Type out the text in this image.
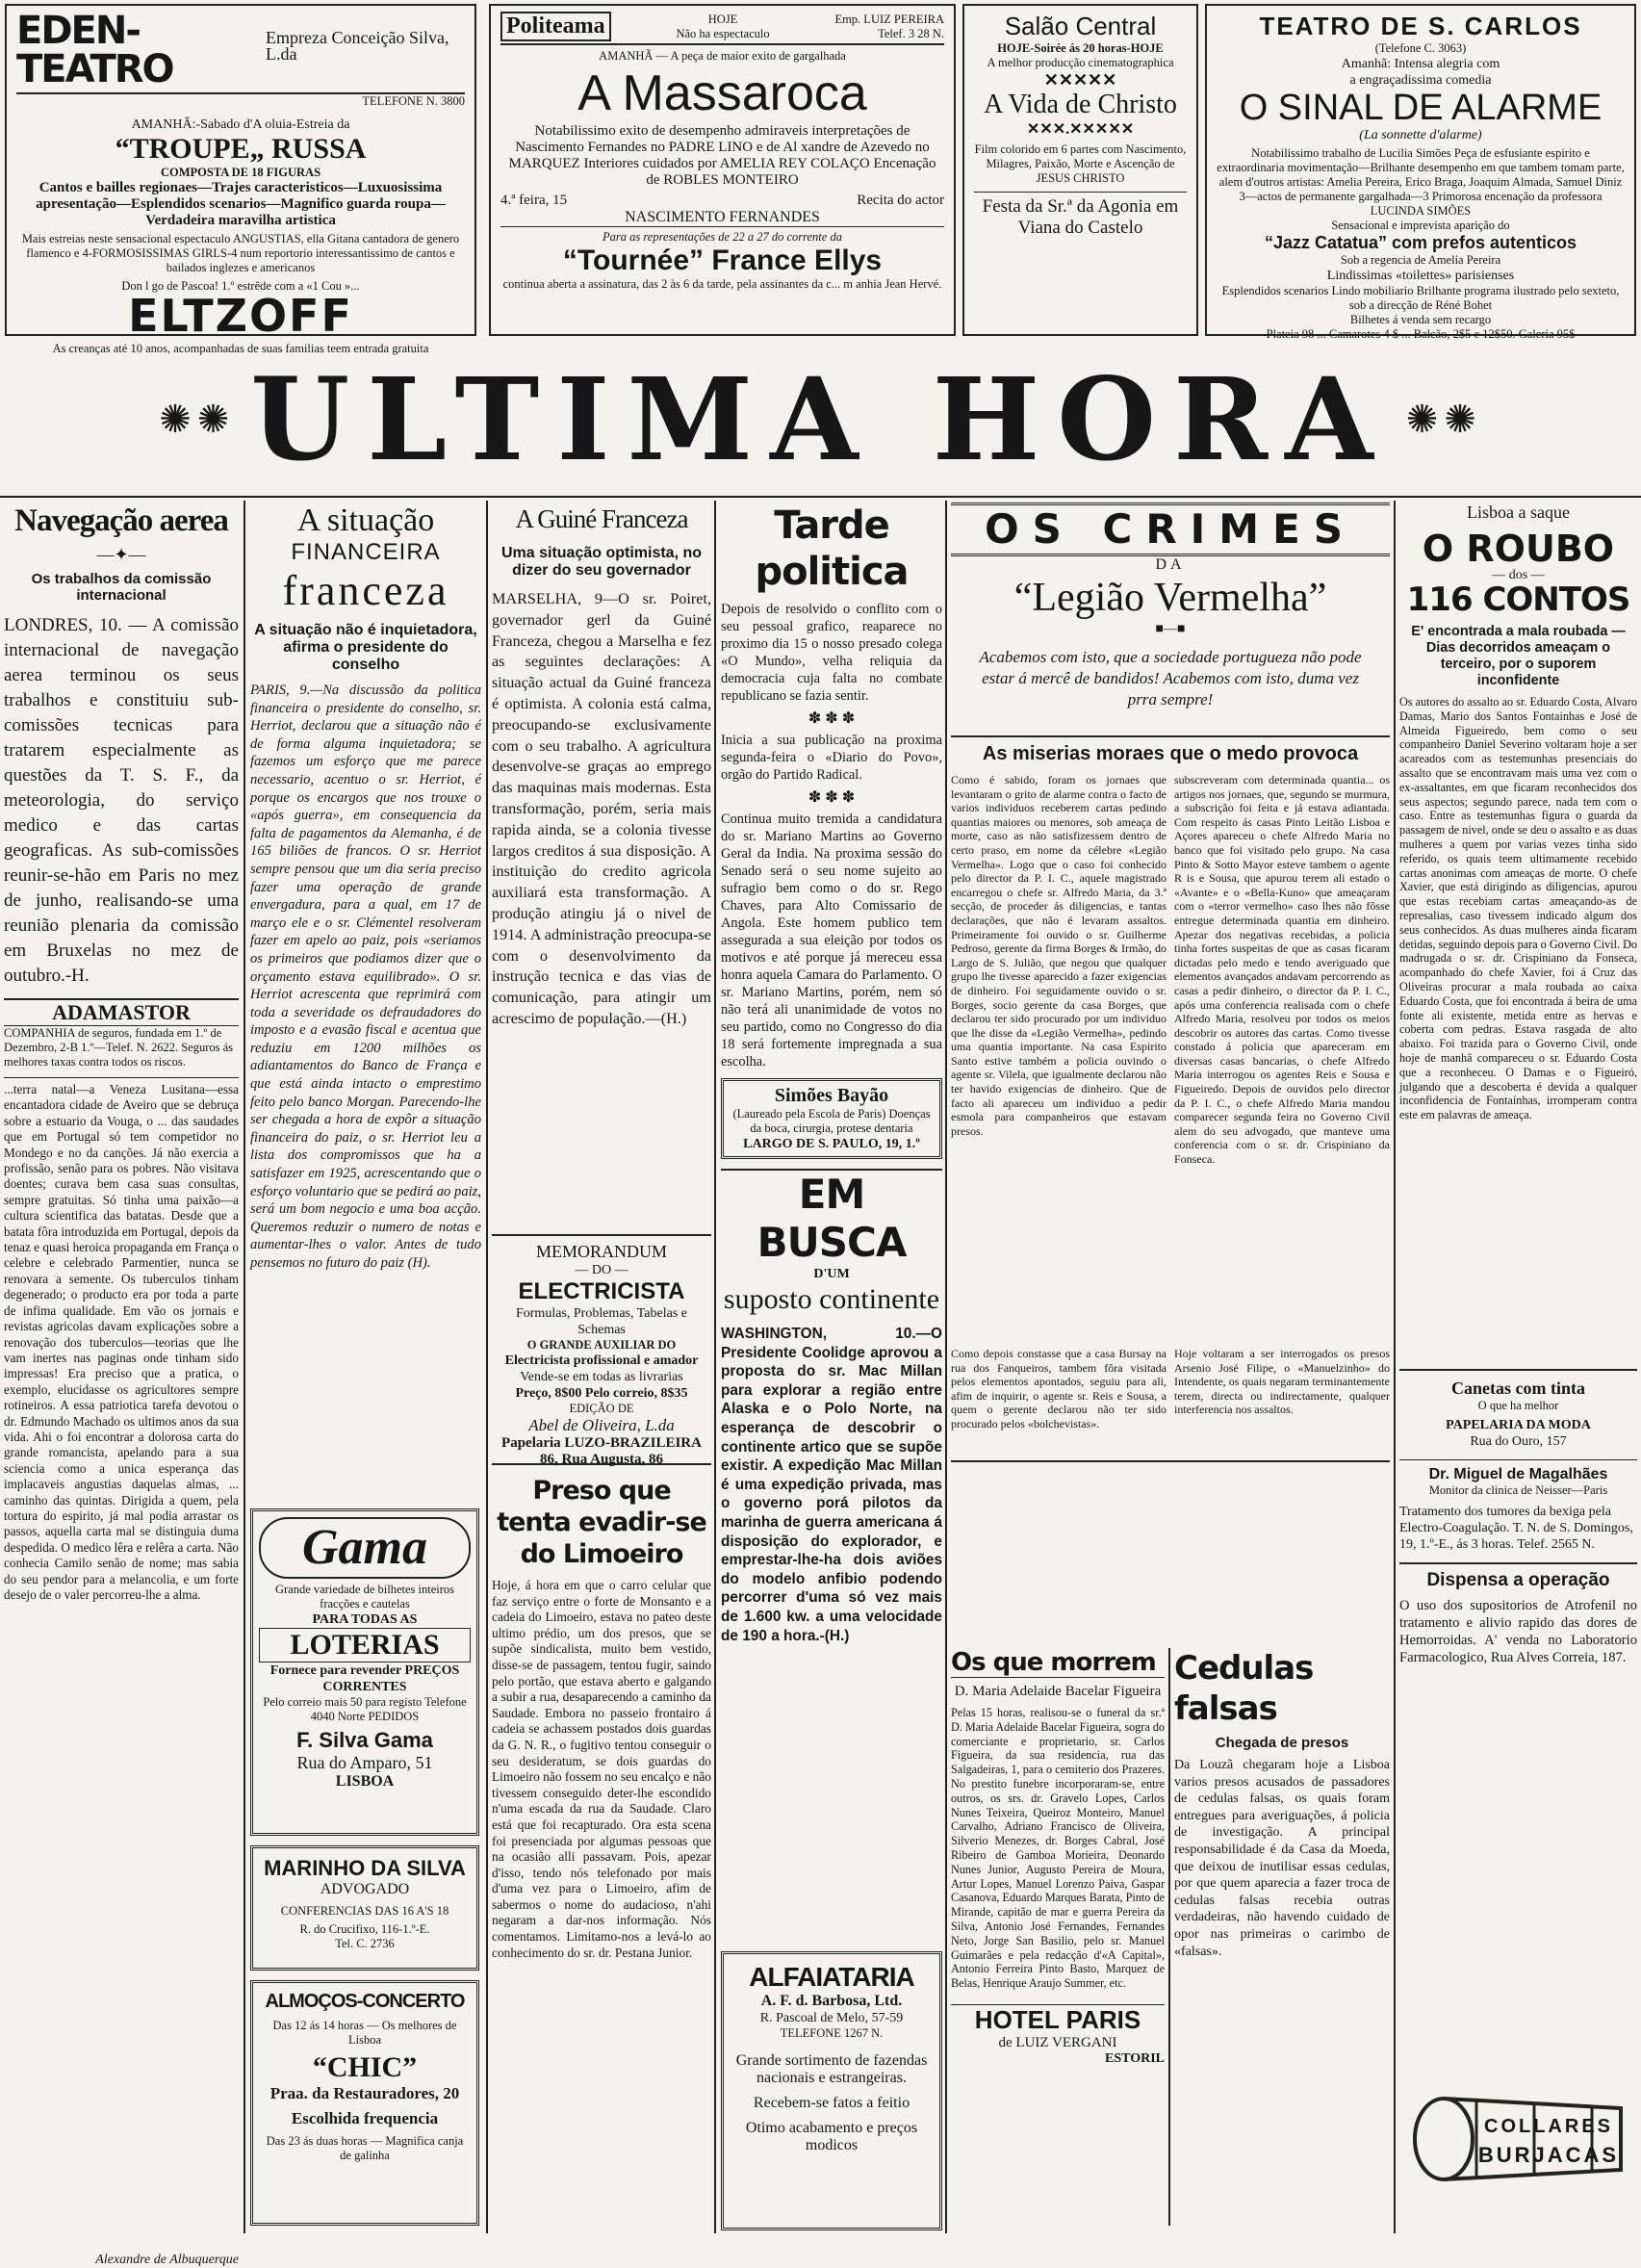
EDEN-TEATRO
Empreza Conceição Silva, L.da
TELEFONE N. 3800
AMANHÃ:-Sabado d'A oluia-Estreia da
“TROUPE„ RUSSA
COMPOSTA DE 18 FIGURAS
Cantos e bailles regionaes—Trajes caracteristicos—Luxuosissima apresentação—Esplendidos scenarios—Magnifico guarda roupa—Verdadeira maravilha artistica
Mais estreias neste sensacional espectaculo ANGUSTIAS, ella Gitana cantadora de genero flamenco e 4-FORMOSISSIMAS GIRLS-4 num reportorio interessantissimo de cantos e bailados inglezes e americanos
Don l go de Pascoa! 1.º estrêde com a «1 Cou »...
ELTZOFF
As creanças até 10 anos, acompanhadas de suas familias teem entrada gratuita
Politeama	HOJE
Não ha espectaculo
Emp. LUIZ PEREIRA
Telef. 3 28 N.
AMANHÃ — A peça de maior exito de gargalhada
A Massaroca
Notabilissimo exito de desempenho admiraveis interpretações de Nascimento Fernandes no PADRE LINO e de Al xandre de Azevedo no MARQUEZ Interiores cuidados por AMELIA REY COLAÇO Encenação de ROBLES MONTEIRO
4.ª feira, 15	Recita do actor
NASCIMENTO FERNANDES
Para as representações de 22 a 27 do corrente da
“Tournée” France Ellys
continua aberta a assinatura, das 2 às 6 da tarde, pela assinantes da c... m anhia Jean Hervé.
Salão Central
HOJE-Soirée ás 20 horas-HOJE
A melhor producção cinematographica
✕✕✕✕✕
A Vida de Christo
✕✕✕.✕✕✕✕✕
Film colorido em 6 partes com Nascimento, Milagres, Paixão, Morte e Ascenção de JESUS CHRISTO
Festa da Sr.ª da Agonia em Viana do Castelo
TEATRO DE S. CARLOS
(Telefone C. 3063)
Amanhã: Intensa alegria com
a engraçadissima comedia
O SINAL DE ALARME
(La sonnette d'alarme)
Notabilissimo trabalho de Lucilia Simões Peça de esfusiante espirito e extraordinaria movimentação—Brilhante desempenho em que tambem tomam parte, alem d'outros artistas: Amelia Pereira, Erico Braga, Joaquim Almada, Samuel Diniz 3—actos de permanente gargalhada—3 Primorosa encenação da professora LUCINDA SIMÕES
Sensacional e imprevista aparição do
“Jazz Catatua” com prefos autenticos
Sob a regencia de Amelia Pereira
Lindissimas «toilettes» parisienses
Esplendidos scenarios Lindo mobiliario Brilhante programa ilustrado pelo sexteto, sob a direcção de Réné Bohet
Bilhetes á venda sem recargo
Plateia 98 ... Camarotes 4 $ ... Balcão, 2$5 e 12$50. Galeria 95$
✺✺ ULTIMA HORA ✺✺
Navegação aerea
—✦—
Os trabalhos da comissão internacional
LONDRES, 10. — A comissão internacional de navegação aerea terminou os seus trabalhos e constituiu sub-comissões tecnicas para tratarem especialmente as questões da T. S. F., da meteorologia, do serviço medico e das cartas geograficas. As sub-comissões reunir-se-hão em Paris no mez de junho, realisando-se uma reunião plenaria da comissão em Bruxelas no mez de outubro.-H.
ADAMASTOR
COMPANHIA de seguros, fundada em 1.º de Dezembro, 2-B 1.º—Telef. N. 2622. Seguros ás melhores taxas contra todos os riscos.
...terra natal—a Veneza Lusitana—essa encantadora cidade de Aveiro que se debruça sobre a estuario da Vouga, o ... das saudades que em Portugal só tem competidor no Mondego e no da canções. Já não exercia a profissão, senão para os pobres. Não visitava doentes; curava bem casa suas consultas, sempre gratuitas. Só tinha uma paixão—a cultura scientifica das batatas. Desde que a batata fôra introduzida em Portugal, depois da tenaz e quasi heroica propaganda em França o celebre e celebrado Parmentier, nunca se renovara a semente. Os tuberculos tinham degenerado; o producto era por toda a parte de infima qualidade. Em vão os jornais e revistas agricolas davam explicações sobre a renovação dos tuberculos—teorias que lhe vam inertes nas paginas onde tinham sido impressas! Era preciso que a pratica, o exemplo, elucidasse os agricultores sempre rotineiros. A essa patriotica tarefa devotou o dr. Edmundo Machado os ultimos anos da sua vida. Ahi o foi encontrar a dolorosa carta do grande romancista, apelando para a sua sciencia como a unica esperança das implacaveis angustias daquelas almas, ... caminho das quintas. Dirigida a quem, pela tortura do espirito, já mal podia arrastar os passos, aquella carta mal se distinguia duma despedida. O medico lêra e relêra a carta. Não conhecia Camilo senão de nome; mas sabia do seu pendor para a melancolia, e um forte desejo de o valer percorreu-lhe a alma.
Alexandre de Albuquerque
A situação
FINANCEIRA
franceza
A situação não é inquietadora, afirma o presidente do conselho
PARIS, 9.—Na discussão da politica financeira o presidente do conselho, sr. Herriot, declarou que a situação não é de forma alguma inquietadora; se fazemos um esforço que me parece necessario, acentuo o sr. Herriot, é porque os encargos que nos trouxe o «após guerra», em consequencia da falta de pagamentos da Alemanha, é de 165 biliões de francos. O sr. Herriot sempre pensou que um dia seria preciso fazer uma operação de grande envergadura, para a qual, em 17 de março ele e o sr. Clémentel resolveram fazer em apelo ao paiz, pois «seriamos os primeiros que podiamos dizer que o orçamento estava equilibrado». O sr. Herriot acrescenta que reprimirá com toda a severidade os defraudadores do imposto e a evasão fiscal e acentua que reduziu em 1200 milhões os adiantamentos do Banco de França e que está ainda intacto o emprestimo feito pelo banco Morgan. Parecendo-lhe ser chegada a hora de expôr a situação financeira do paiz, o sr. Herriot leu a lista dos compromissos que ha a satisfazer em 1925, acrescentando que o esforço voluntario que se pedirá ao paiz, será um bom negocio e uma boa acção. Queremos reduzir o numero de notas e aumentar-lhes o valor. Antes de tudo pensemos no futuro do paiz (H).
Gama
Grande variedade de bilhetes inteiros fracções e cautelas
PARA TODAS AS
LOTERIAS
Fornece para revender PREÇOS CORRENTES
Pelo correio mais 50 para registo Telefone 4040 Norte PEDIDOS
F. Silva Gama
Rua do Amparo, 51
LISBOA
MARINHO DA SILVA
ADVOGADO
CONFERENCIAS DAS 16 A'S 18
R. do Crucifixo, 116-1.º-E.
Tel. C. 2736
ALMOÇOS-CONCERTO
Das 12 ás 14 horas — Os melhores de Lisboa
“CHIC”
Praa. da Restauradores, 20
Escolhida frequencia
Das 23 ás duas horas — Magnifica canja de galinha
A Guiné Franceza
Uma situação optimista, no dizer do seu governador
MARSELHA, 9—O sr. Poiret, governador gerl da Guiné Franceza, chegou a Marselha e fez as seguintes declarações: A situação actual da Guiné franceza é optimista. A colonia está calma, preocupando-se exclusivamente com o seu trabalho. A agricultura desenvolve-se graças ao emprego das maquinas mais modernas. Esta transformação, porém, seria mais rapida ainda, se a colonia tivesse largos creditos á sua disposição. A instituição do credito agricola auxiliará esta transformação. A produção atingiu já o nivel de 1914. A administração preocupa-se com o desenvolvimento da instrução tecnica e das vias de comunicação, para atingir um acrescimo de população.—(H.)
MEMORANDUM
— DO —
ELECTRICISTA
Formulas, Problemas, Tabelas e Schemas
O GRANDE AUXILIAR DO
Electricista profissional e amador
Vende-se em todas as livrarias
Preço, 8$00 Pelo correio, 8$35
EDIÇÃO DE
Abel de Oliveira, L.da
Papelaria LUZO-BRAZILEIRA
86, Rua Augusta, 86
Preso que tenta evadir-se do Limoeiro
Hoje, á hora em que o carro celular que faz serviço entre o forte de Monsanto e a cadeia do Limoeiro, estava no pateo deste ultimo prédio, um dos presos, que se supõe sindicalista, muito bem vestido, disse-se de passagem, tentou fugir, saindo pelo portão, que estava aberto e galgando a subir a rua, desaparecendo a caminho da Saudade. Embora no passeio frontairo á cadeia se achassem postados dois guardas da G. N. R., o fugitivo tentou conseguir o seu desideratum, se dois guardas do Limoeiro não fossem no seu encalço e não tivessem conseguido deter-lhe escondido n'uma escada da rua da Saudade. Claro está que foi recapturado. Ora esta scena foi presenciada por algumas pessoas que na ocasião alli passavam. Pois, apezar d'isso, tendo nós telefonado por mais d'uma vez para o Limoeiro, afim de sabermos o nome do audacioso, n'ahi negaram a dar-nos informação. Nós comentamos. Limitamo-nos a levá-lo ao conhecimento do sr. dr. Pestana Junior.
Tarde politica
Depois de resolvido o conflito com o seu pessoal grafico, reaparece no proximo dia 15 o nosso presado colega «O Mundo», velha reliquia da democracia cuja falta no combate republicano se fazia sentir.
✽ ✽ ✽
Inicia a sua publicação na proxima segunda-feira o «Diario do Povo», orgão do Partido Radical.
✽ ✽ ✽
Continua muito tremida a candidatura do sr. Mariano Martins ao Governo Geral da India. Na proxima sessão do Senado será o seu nome sujeito ao sufragio bem como o do sr. Rego Chaves, para Alto Comissario de Angola. Este homem publico tem assegurada a sua eleição por todos os motivos e até porque já mereceu essa honra aquela Camara do Parlamento. O sr. Mariano Martins, porém, nem só não terá ali unanimidade de votos no seu partido, como no Congresso do dia 18 será fortemente impregnada a sua escolha.
Simões Bayão
(Laureado pela Escola de Paris) Doenças da boca, cirurgia, protese dentaria
LARGO DE S. PAULO, 19, 1.º
EM BUSCA
D'UM
suposto continente
WASHINGTON, 10.—O Presidente Coolidge aprovou a proposta do sr. Mac Millan para explorar a região entre Alaska e o Polo Norte, na esperança de descobrir o continente artico que se supõe existir. A expedição Mac Millan é uma expedição privada, mas o governo porá pilotos da marinha de guerra americana á disposição do explorador, e emprestar-lhe-ha dois aviões do modelo anfibio podendo percorrer d'uma só vez mais de 1.600 kw. a uma velocidade de 190 a hora.-(H.)
ALFAIATARIA
A. F. d. Barbosa, Ltd.
R. Pascoal de Melo, 57-59
TELEFONE 1267 N.
Grande sortimento de fazendas nacionais e estrangeiras.
Recebem-se fatos a feitio
Otimo acabamento e preços modicos
OS CRIMES
DA
“Legião Vermelha”
■—■
Acabemos com isto, que a sociedade portugueza não pode estar á mercê de bandidos! Acabemos com isto, duma vez prra sempre!
As miserias moraes que o medo provoca
Como é sabido, foram os jornaes que levantaram o grito de alarme contra o facto de varios individuos receberem cartas pedindo quantias maiores ou menores, sob ameaça de morte, caso as não satisfizessem dentro de certo praso, em nome da célebre «Legião Vermelha». Logo que o caso foi conhecido pelo director da P. I. C., aquele magistrado encarregou o chefe sr. Alfredo Maria, da 3.ª secção, de proceder ás diligencias, e tantas declarações, que não é levaram assaltos. Primeiramente foi ouvido o sr. Guilherme Pedroso, gerente da firma Borges & Irmão, do Largo de S. Julião, que negou que qualquer grupo lhe tivesse aparecido a fazer exigencias de dinheiro. Foi seguidamente ouvido o sr. Borges, socio gerente da casa Borges, que declarou ter sido procurado por um individuo que lhe disse da «Legião Vermelha», pedindo uma quantia importante. Na casa Espirito Santo estive também a policia ouvindo o agente sr. Vilela, que igualmente declarou não ter havido exigencias de dinheiro. Que de facto ali apareceu um individuo a pedir esmola para companheiros que estavam presos.
subscreveram com determinada quantia... os artigos nos jornaes, que, segundo se murmura, a subscrição foi feita e já estava adiantada. Com respeito ás casas Pinto Leitão Lisboa e Açores apareceu o chefe Alfredo Maria no banco que foi visitado pelo grupo. Na casa Pinto & Sotto Mayor esteve tambem o agente R is e Sousa, que apurou terem ali estado o «Avante» e o «Bella-Kuno» que ameaçaram com o «terror vermelho» caso lhes não fôsse entregue determinada quantia em dinheiro. Apezar dos negativas recebidas, a policia tinha fortes suspeitas de que as casas ficaram dictadas pelo medo e tendo averiguado que elementos avançados andavam percorrendo as casas a pedir dinheiro, o director da P. I. C., após uma conferencia realisada com o chefe Alfredo Maria, resolveu por todos os meios descobrir os autores das cartas. Como tivesse constado á policia que apareceram em diversas casas bancarias, o chefe Alfredo Maria interrogou os agentes Reis e Sousa e Figueiredo. Depois de ouvidos pelo director da P. I. C., o chefe Alfredo Maria mandou comparecer segunda feira no Governo Civil alem do seu advogado, que manteve uma conferencia com o sr. dr. Crispiniano da Fonseca.
Como depois constasse que a casa Bursay na rua dos Fanqueiros, tambem fôra visitada pelos elementos apontados, seguiu para ali, afim de inquirir, o agente sr. Reis e Sousa, a quem o gerente declarou não ter sido procurado pelos «bolchevistas».
Hoje voltaram a ser interrogados os presos Arsenio José Filipe, o «Manuelzinho» do Intendente, os quais negaram terminantemente terem, directa ou indirectamente, qualquer interferencia nos assaltos.
Os que morrem
D. Maria Adelaide Bacelar Figueira
Pelas 15 horas, realisou-se o funeral da sr.ª D. Maria Adelaide Bacelar Figueira, sogra do comerciante e proprietario, sr. Carlos Figueira, da sua residencia, rua das Salgadeiras, 1, para o cemiterio dos Prazeres. No prestito funebre incorporaram-se, entre outros, os srs. dr. Gravelo Lopes, Carlos Nunes Teixeira, Queiroz Monteiro, Manuel Carvalho, Adriano Francisco de Oliveira, Silverio Menezes, dr. Borges Cabral, José Ribeiro de Gamboa Morieira, Deonardo Nunes Junior, Augusto Pereira de Moura, Artur Lopes, Manuel Lorenzo Paiva, Gaspar Casanova, Eduardo Marques Barata, Pinto de Mirande, capitão de mar e guerra Pereira da Silva, Antonio José Fernandes, Fernandes Neto, Jorge San Basilio, pelo sr. Manuel Guimarães e pela redacção d'«A Capital», Antonio Ferreira Pinto Basto, Marquez de Belas, Henrique Araujo Summer, etc.
HOTEL PARIS
de LUIZ VERGANI
ESTORIL
Cedulas falsas
Chegada de presos
Da Louzã chegaram hoje a Lisboa varios presos acusados de passadores de cedulas falsas, os quais foram entregues para averiguações, á policia de investigação. A principal responsabilidade é da Casa da Moeda, que deixou de inutilisar essas cedulas, por que quem aparecia a fazer troca de cedulas falsas recebia outras verdadeiras, não havendo cuidado de opor nas primeiras o carimbo de «falsas».
Lisboa a saque
O ROUBO
— dos —
116 CONTOS
E' encontrada a mala roubada — Dias decorridos ameaçam o terceiro, por o suporem inconfidente
Os autores do assalto ao sr. Eduardo Costa, Alvaro Damas, Mario dos Santos Fontainhas e José de Almeida Figueiredo, bem como o seu companheiro Daniel Severino voltaram hoje a ser acareados com as testemunhas presenciais do assalto que se encontravam mais uma vez com o ex-assaltantes, em que ficaram reconhecidos dos seus aspectos; segundo parece, nada tem com o caso. Entre as testemunhas figura o guarda da passagem de nivel, onde se deu o assalto e as duas mulheres a quem por varias vezes tinha sido referido, os quais teem ultimamente recebido cartas anonimas com ameaças de morte. O chefe Xavier, que está dirigindo as diligencias, apurou que estas recebiam cartas ameaçando-as de represalias, caso tivessem indicado algum dos seus conhecidos. As duas mulheres ainda ficaram detidas, seguindo depois para o Governo Civil. Do madrugada o sr. dr. Crispiniano da Fonseca, acompanhado do chefe Xavier, foi á Cruz das Oliveiras procurar a mala roubada ao caixa Eduardo Costa, que foi encontrada á beira de uma fonte ali existente, metida entre as hervas e coberta com pedras. Estava rasgada de alto abaixo. Foi trazida para o Governo Civil, onde hoje de manhã compareceu o sr. Eduardo Costa que a reconheceu. O Damas e o Figueiró, julgando que a descoberta é devida a qualquer inconfidencia de Fontaínhas, irromperam contra este em palavras de ameaça.
Canetas com tinta
O que ha melhor
PAPELARIA DA MODA
Rua do Ouro, 157
Dr. Miguel de Magalhães
Monitor da clinica de Neisser—Paris
Tratamento dos tumores da bexiga pela Electro-Coagulação. T. N. de S. Domingos, 19, 1.º-E., ás 3 horas. Telef. 2565 N.
Dispensa a operação
O uso dos supositorios de Atrofenil no tratamento e alivio rapido das dores de Hemorroidas. A' venda no Laboratorio Farmacologico, Rua Alves Correia, 187.
COLLARES
BURJACAS
